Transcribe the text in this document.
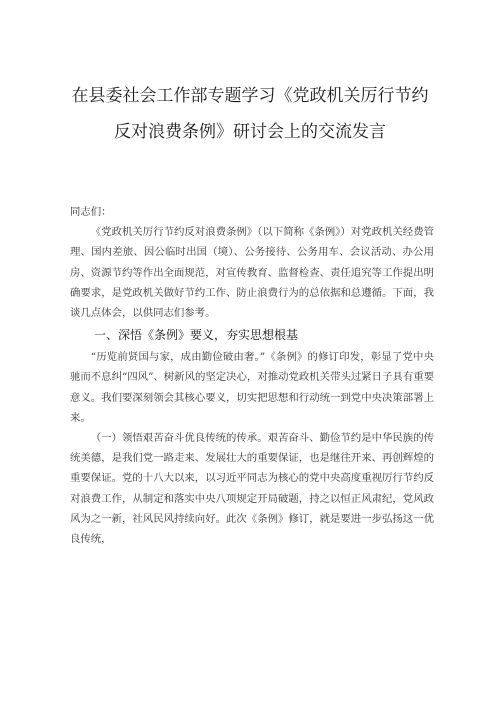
在县委社会工作部专题学习《党政机关厉行节约反对浪费条例》研讨会上的交流发言

同志们：

《党政机关厉行节约反对浪费条例》（以下简称《条例》）对党政机关经费管理、国内差旅、因公临时出国（境）、公务接待、公务用车、会议活动、办公用房、资源节约等作出全面规范，对宣传教育、监督检查、责任追究等工作提出明确要求，是党政机关做好节约工作、防止浪费行为的总依据和总遵循。下面，我谈几点体会，以供同志们参考。

一、深悟《条例》要义，夯实思想根基

“历览前贤国与家，成由勤俭破由奢。”《条例》的修订印发，彰显了党中央驰而不息纠“四风”、树新风的坚定决心，对推动党政机关带头过紧日子具有重要意义。我们要深刻领会其核心要义，切实把思想和行动统一到党中央决策部署上来。

（一）领悟艰苦奋斗优良传统的传承。艰苦奋斗、勤俭节约是中华民族的传统美德，是我们党一路走来、发展壮大的重要保证，也是继往开来、再创辉煌的重要保证。党的十八大以来，以习近平同志为核心的党中央高度重视厉行节约反对浪费工作，从制定和落实中央八项规定开局破题，持之以恒正风肃纪，党风政风为之一新，社风民风持续向好。此次《条例》修订，就是要进一步弘扬这一优良传统，
